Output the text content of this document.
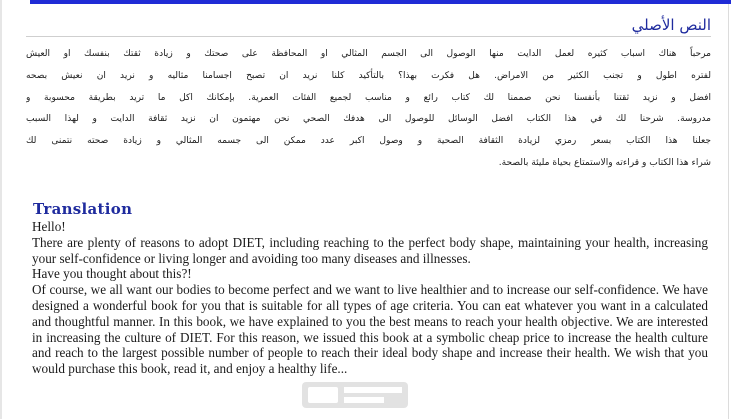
النص الأصلي
مرحباً هناك اسباب كثيره لعمل الدايت منها الوصول الى الجسم المثالي او المحافظة على صحتك و زيادة ثقتك بنفسك او العيش
لفتره اطول و تجنب الكثير من الامراض. هل فكرت بهذا؟ بالتأكيد كلنا نريد ان تصبح اجسامنا مثاليه و نريد ان نعيش بصحه
افضل و نزيد ثقتنا بأنفسنا نحن صممنا لك كتاب رائع و مناسب لجميع الفئات العمرية. بإمكانك اكل ما تريد بطريقة محسوبة و
مدروسة. شرحنا لك في هذا الكتاب افضل الوسائل للوصول الى هدفك الصحي نحن مهتمون ان نزيد ثقافة الدايت و لهذا السبب
جعلنا هذا الكتاب بسعر رمزي لزيادة الثقافة الصحية و وصول اكبر عدد ممكن الى جسمه المثالي و زيادة صحته نتمنى لك
شراء هذا الكتاب و قراءته والاستمتاع بحياة مليئة بالصحة.
Translation

Hello!

There are plenty of reasons to adopt DIET, including reaching to the perfect body shape, maintaining your health, increasing your self-confidence or living longer and avoiding too many diseases and illnesses.

Have you thought about this?!

Of course, we all want our bodies to become perfect and we want to live healthier and to increase our self-confidence. We have designed a wonderful book for you that is suitable for all types of age criteria. You can eat whatever you want in a calculated and thoughtful manner. In this book, we have explained to you the best means to reach your health objective. We are interested in increasing the culture of DIET. For this reason, we issued this book at a symbolic cheap price to increase the health culture and reach to the largest possible number of people to reach their ideal body shape and increase their health. We wish that you would purchase this book, read it, and enjoy a healthy life...
